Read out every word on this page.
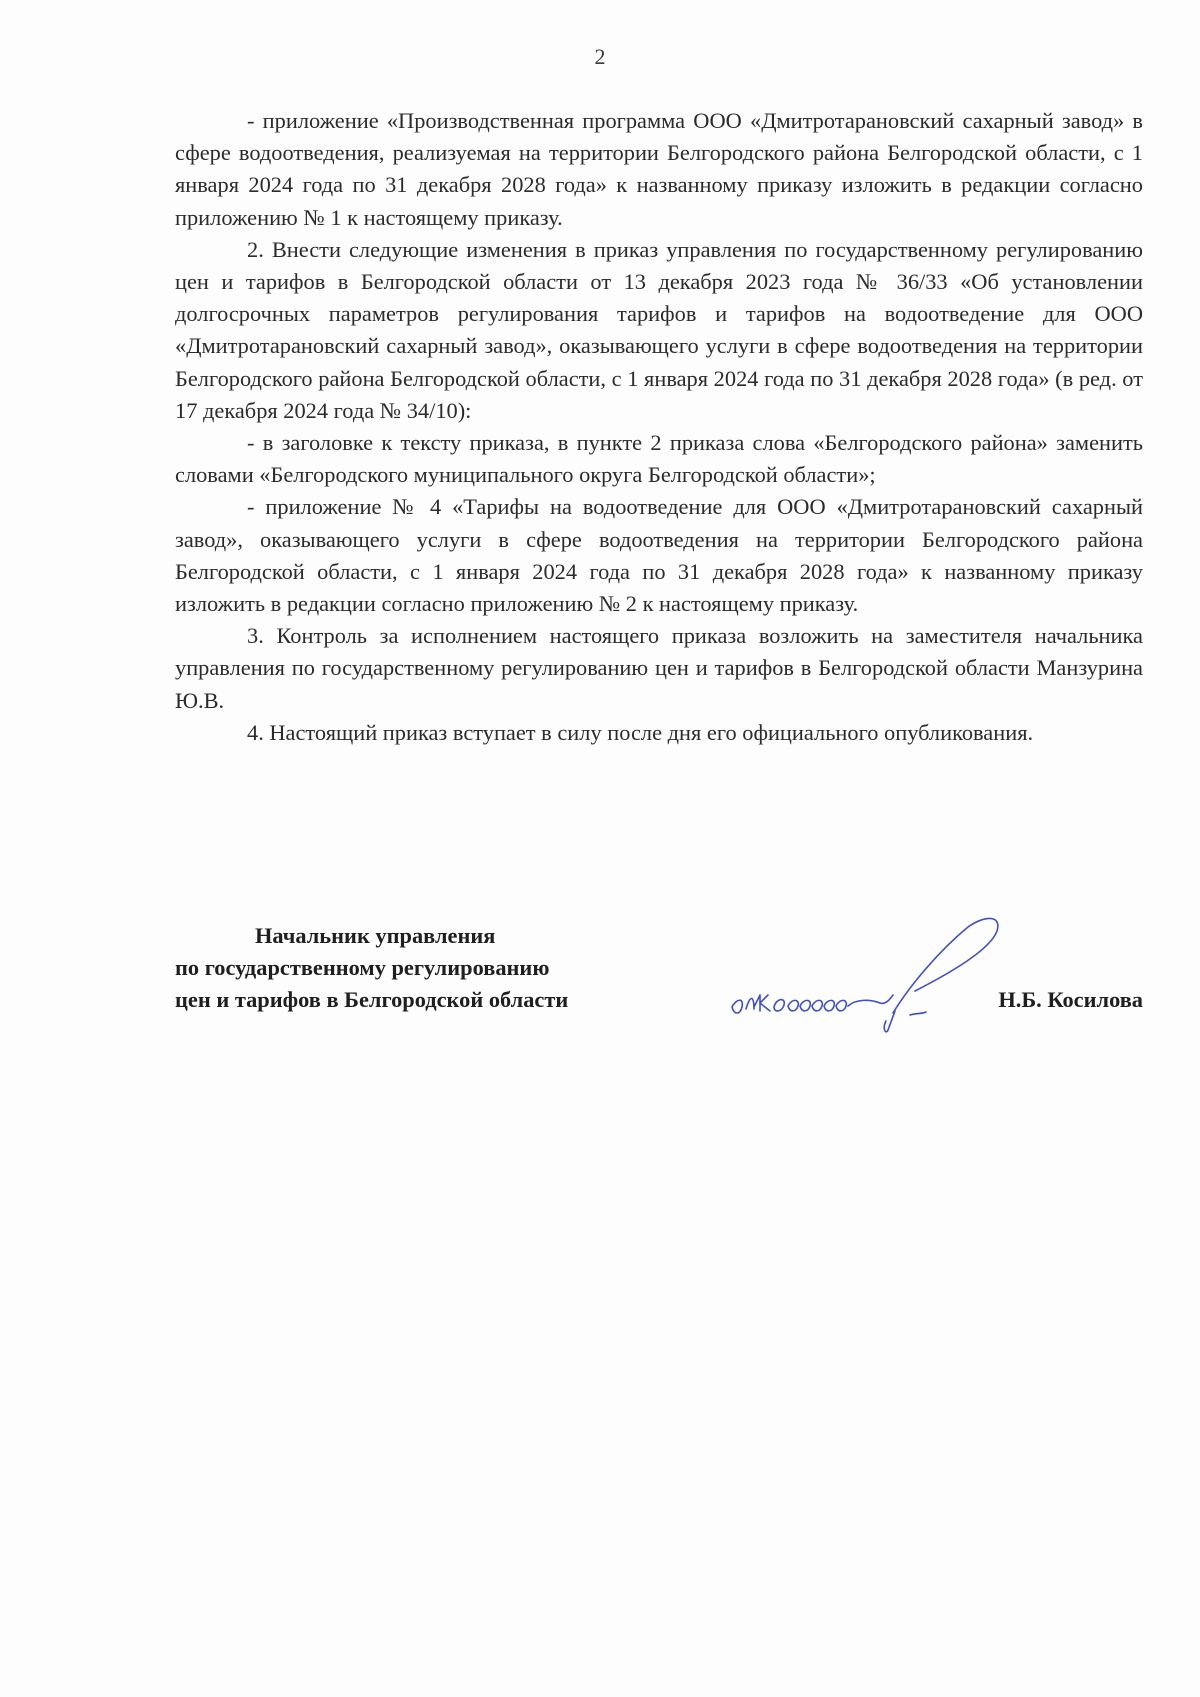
2

- приложение «Производственная программа ООО «Дмитротарановский сахарный завод» в сфере водоотведения, реализуемая на территории Белгородского района Белгородской области, с 1 января 2024 года по 31 декабря 2028 года» к названному приказу изложить в редакции согласно приложению № 1 к настоящему приказу.

2. Внести следующие изменения в приказ управления по государственному регулированию цен и тарифов в Белгородской области от 13 декабря 2023 года № 36/33 «Об установлении долгосрочных параметров регулирования тарифов и тарифов на водоотведение для ООО «Дмитротарановский сахарный завод», оказывающего услуги в сфере водоотведения на территории Белгородского района Белгородской области, с 1 января 2024 года по 31 декабря 2028 года» (в ред. от 17 декабря 2024 года № 34/10):

- в заголовке к тексту приказа, в пункте 2 приказа слова «Белгородского района» заменить словами «Белгородского муниципального округа Белгородской области»;

- приложение № 4 «Тарифы на водоотведение для ООО «Дмитротарановский сахарный завод», оказывающего услуги в сфере водоотведения на территории Белгородского района Белгородской области, с 1 января 2024 года по 31 декабря 2028 года» к названному приказу изложить в редакции согласно приложению № 2 к настоящему приказу.

3. Контроль за исполнением настоящего приказа возложить на заместителя начальника управления по государственному регулированию цен и тарифов в Белгородской области Манзурина Ю.В.

4. Настоящий приказ вступает в силу после дня его официального опубликования.

Начальник управления
по государственному регулированию
цен и тарифов в Белгородской области	Н.Б. Косилова
